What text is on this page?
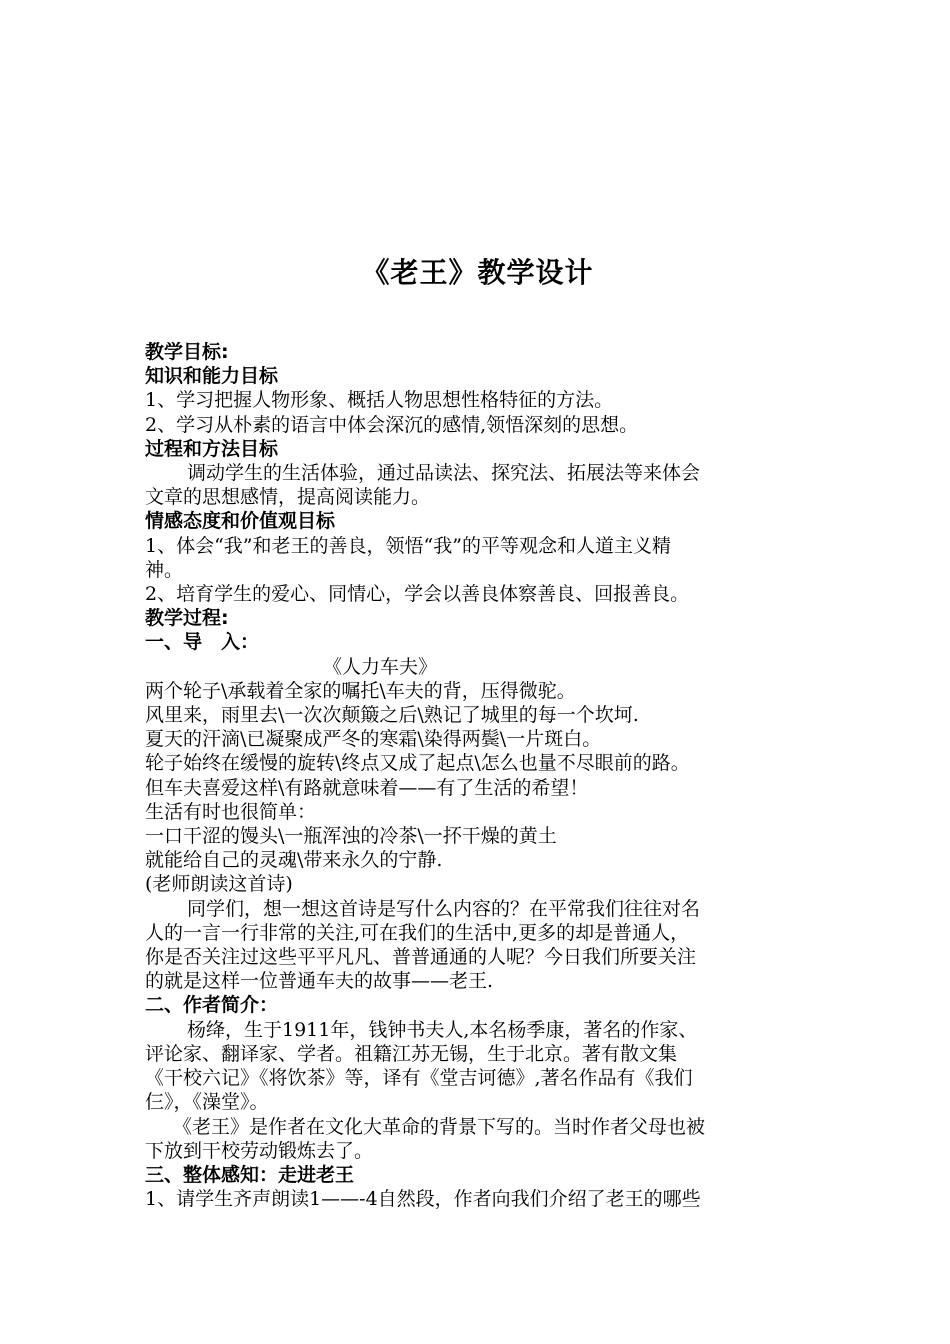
《老王》教学设计

教学目标:

知识和能力目标

1、学习把握人物形象、概括人物思想性格特征的方法。

2、学习从朴素的语言中体会深沉的感情,领悟深刻的思想。

过程和方法目标

调动学生的生活体验，通过品读法、探究法、拓展法等来体会

文章的思想感情，提高阅读能力。

情感态度和价值观目标

1、体会“我”和老王的善良，领悟“我”的平等观念和人道主义精

神。

2、培育学生的爱心、同情心，学会以善良体察善良、回报善良。

教学过程:

一、导　入：

《人力车夫》

两个轮子\承载着全家的嘱托\车夫的背，压得微驼。

风里来，雨里去\一次次颠簸之后\熟记了城里的每一个坎坷.

夏天的汗滴\已凝聚成严冬的寒霜\染得两鬓\一片斑白。

轮子始终在缓慢的旋转\终点又成了起点\怎么也量不尽眼前的路。

但车夫喜爱这样\有路就意味着——有了生活的希望！

生活有时也很简单：

一口干涩的馒头\一瓶浑浊的冷茶\一抔干燥的黄土

就能给自己的灵魂\带来永久的宁静.

(老师朗读这首诗)

同学们，想一想这首诗是写什么内容的？在平常我们往往对名

人的一言一行非常的关注,可在我们的生活中,更多的却是普通人，

你是否关注过这些平平凡凡、普普通通的人呢？今日我们所要关注

的就是这样一位普通车夫的故事——老王.

二、作者简介：

杨绛，生于1911年，钱钟书夫人,本名杨季康，著名的作家、

评论家、翻译家、学者。祖籍江苏无锡，生于北京。著有散文集

《干校六记》《将饮茶》等，译有《堂吉诃德》,著名作品有《我们

仨》，《澡堂》。

《老王》是作者在文化大革命的背景下写的。当时作者父母也被

下放到干校劳动锻炼去了。

三、整体感知：走进老王

1、请学生齐声朗读1——-4自然段，作者向我们介绍了老王的哪些
